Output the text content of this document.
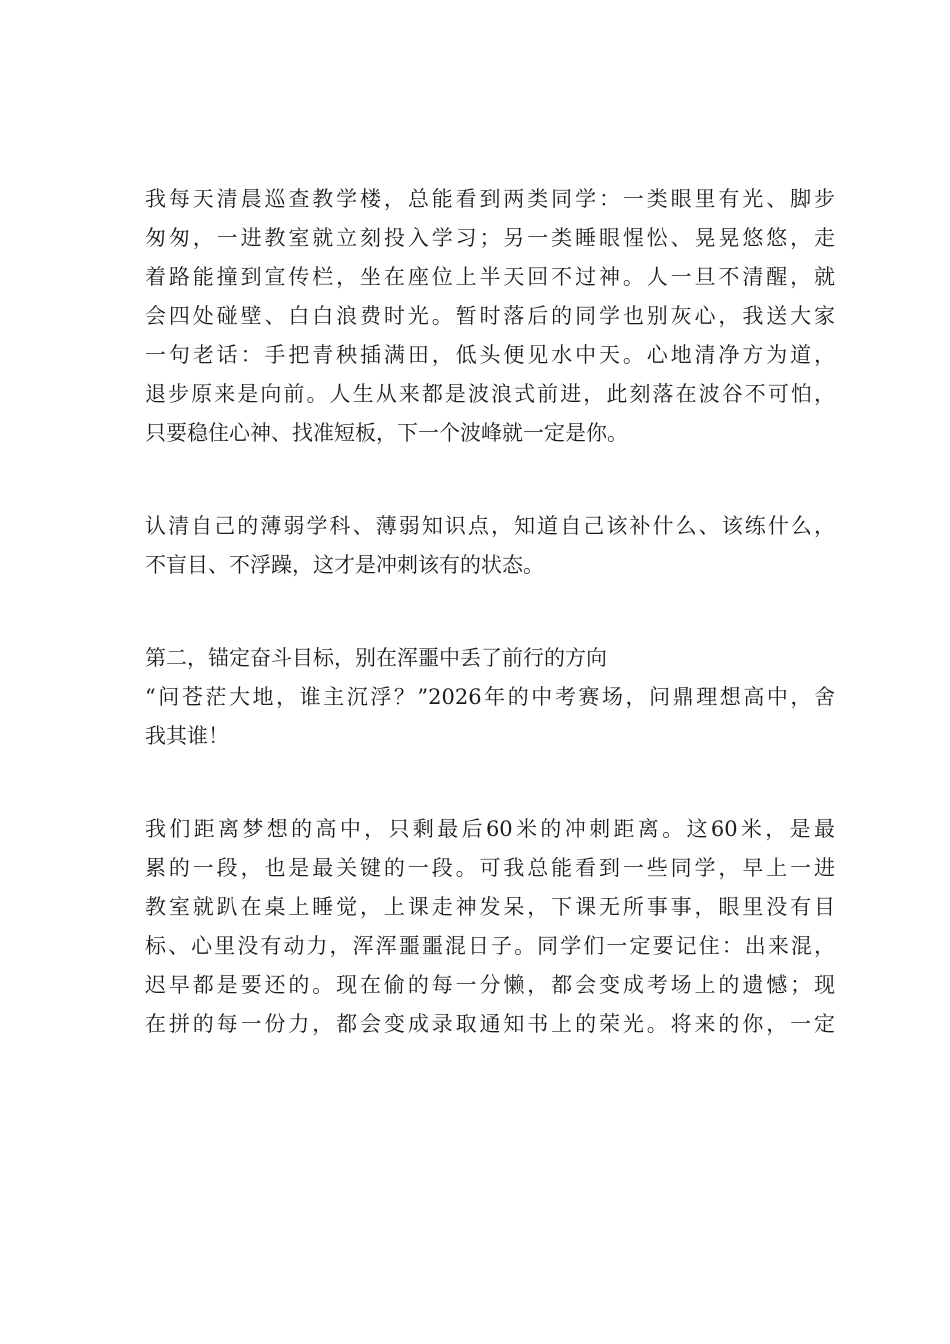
我每天清晨巡查教学楼，总能看到两类同学：一类眼里有光、脚步
匆匆，一进教室就立刻投入学习；另一类睡眼惺忪、晃晃悠悠，走
着路能撞到宣传栏，坐在座位上半天回不过神。人一旦不清醒，就
会四处碰壁、白白浪费时光。暂时落后的同学也别灰心，我送大家
一句老话：手把青秧插满田，低头便见水中天。心地清净方为道，
退步原来是向前。人生从来都是波浪式前进，此刻落在波谷不可怕，
只要稳住心神、找准短板，下一个波峰就一定是你。
认清自己的薄弱学科、薄弱知识点，知道自己该补什么、该练什么，
不盲目、不浮躁，这才是冲刺该有的状态。
第二，锚定奋斗目标，别在浑噩中丢了前行的方向
“问苍茫大地，谁主沉浮？”2026年的中考赛场，问鼎理想高中，舍
我其谁！
我们距离梦想的高中，只剩最后60米的冲刺距离。这60米，是最
累的一段，也是最关键的一段。可我总能看到一些同学，早上一进
教室就趴在桌上睡觉，上课走神发呆，下课无所事事，眼里没有目
标、心里没有动力，浑浑噩噩混日子。同学们一定要记住：出来混，
迟早都是要还的。现在偷的每一分懒，都会变成考场上的遗憾；现
在拼的每一份力，都会变成录取通知书上的荣光。将来的你，一定
